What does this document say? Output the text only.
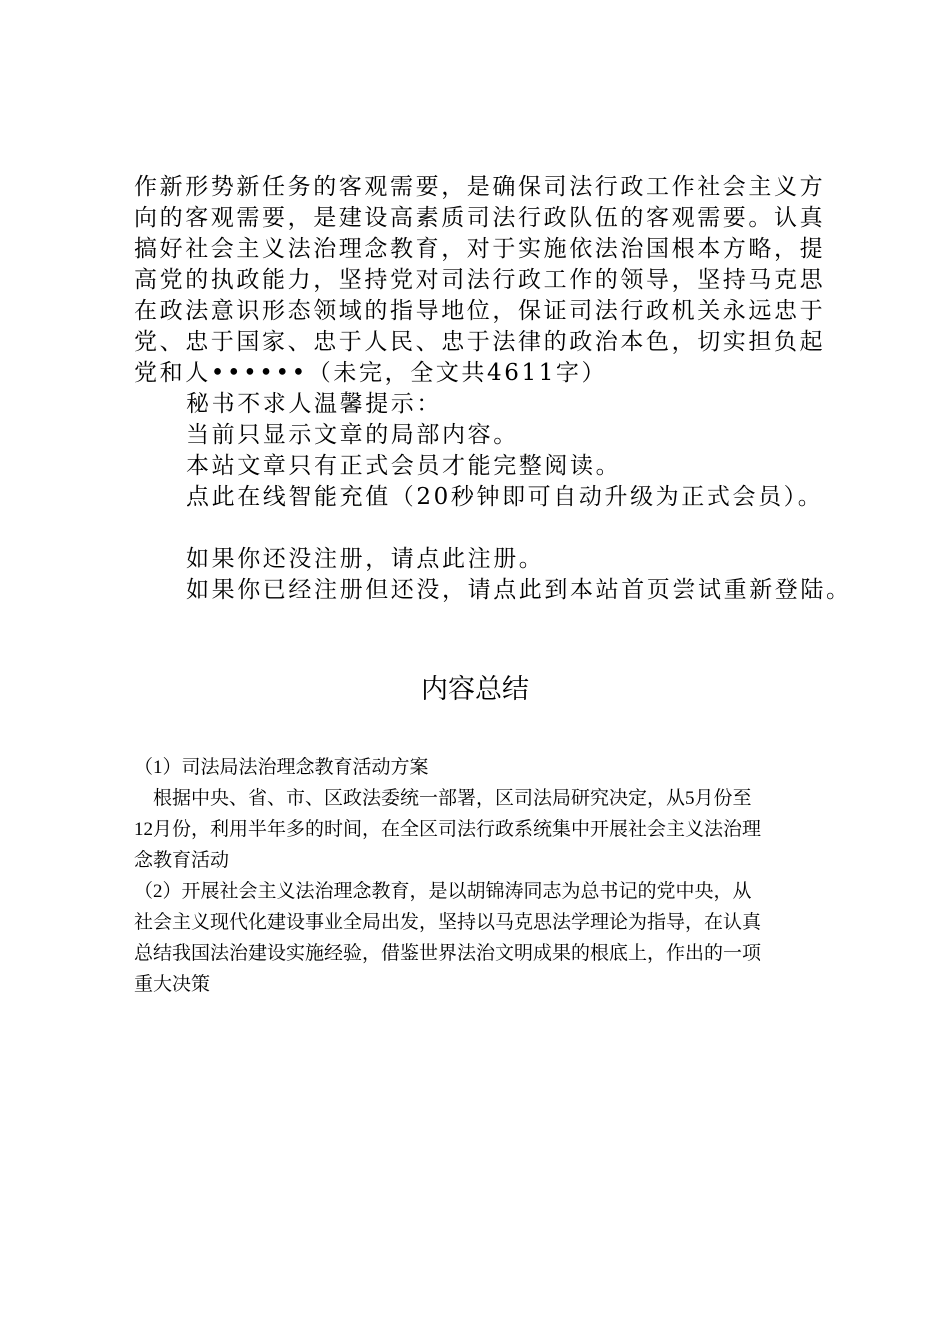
作新形势新任务的客观需要，是确保司法行政工作社会主义方

向的客观需要，是建设高素质司法行政队伍的客观需要。认真

搞好社会主义法治理念教育，对于实施依法治国根本方略，提

高党的执政能力，坚持党对司法行政工作的领导，坚持马克思

在政法意识形态领域的指导地位，保证司法行政机关永远忠于

党、忠于国家、忠于人民、忠于法律的政治本色，切实担负起

党和人••••••（未完，全文共4611字）

秘书不求人温馨提示：

当前只显示文章的局部内容。

本站文章只有正式会员才能完整阅读。

点此在线智能充值（20秒钟即可自动升级为正式会员）。

如果你还没注册，请点此注册。

如果你已经注册但还没，请点此到本站首页尝试重新登陆。

内容总结

（1）司法局法治理念教育活动方案

　根据中央、省、市、区政法委统一部署，区司法局研究决定，从5月份至

12月份，利用半年多的时间，在全区司法行政系统集中开展社会主义法治理

念教育活动

（2）开展社会主义法治理念教育，是以胡锦涛同志为总书记的党中央，从

社会主义现代化建设事业全局出发，坚持以马克思法学理论为指导，在认真

总结我国法治建设实施经验，借鉴世界法治文明成果的根底上，作出的一项

重大决策
